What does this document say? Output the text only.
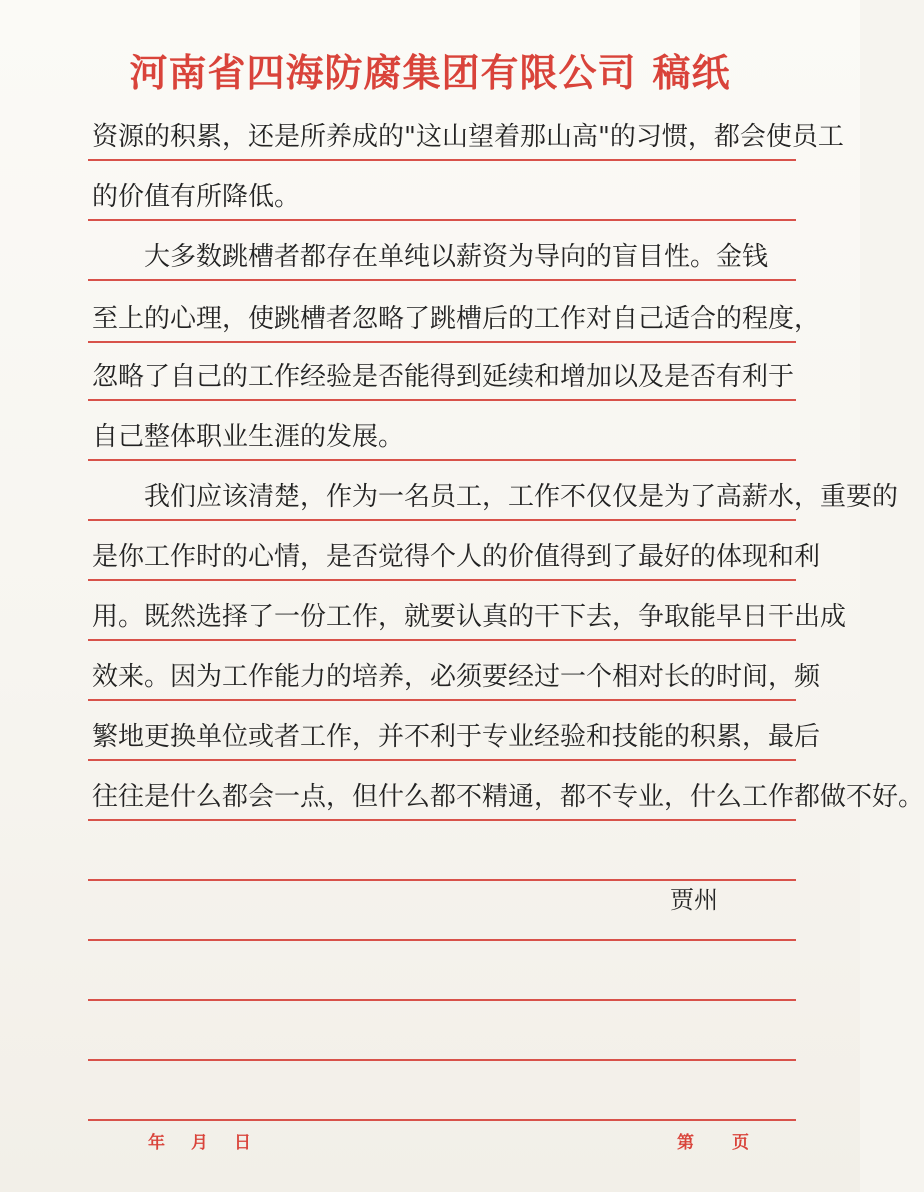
河南省四海防腐集团有限公司 稿纸
资源的积累，还是所养成的"这山望着那山高"的习惯，都会使员工
的价值有所降低。
　　大多数跳槽者都存在单纯以薪资为导向的盲目性。金钱
至上的心理，使跳槽者忽略了跳槽后的工作对自己适合的程度，
忽略了自己的工作经验是否能得到延续和增加以及是否有利于
自己整体职业生涯的发展。
　　我们应该清楚，作为一名员工，工作不仅仅是为了高薪水，重要的
是你工作时的心情，是否觉得个人的价值得到了最好的体现和利
用。既然选择了一份工作，就要认真的干下去，争取能早日干出成
效来。因为工作能力的培养，必须要经过一个相对长的时间，频
繁地更换单位或者工作，并不利于专业经验和技能的积累，最后
往往是什么都会一点，但什么都不精通，都不专业，什么工作都做不好。
贾州
年 月 日	第 页
